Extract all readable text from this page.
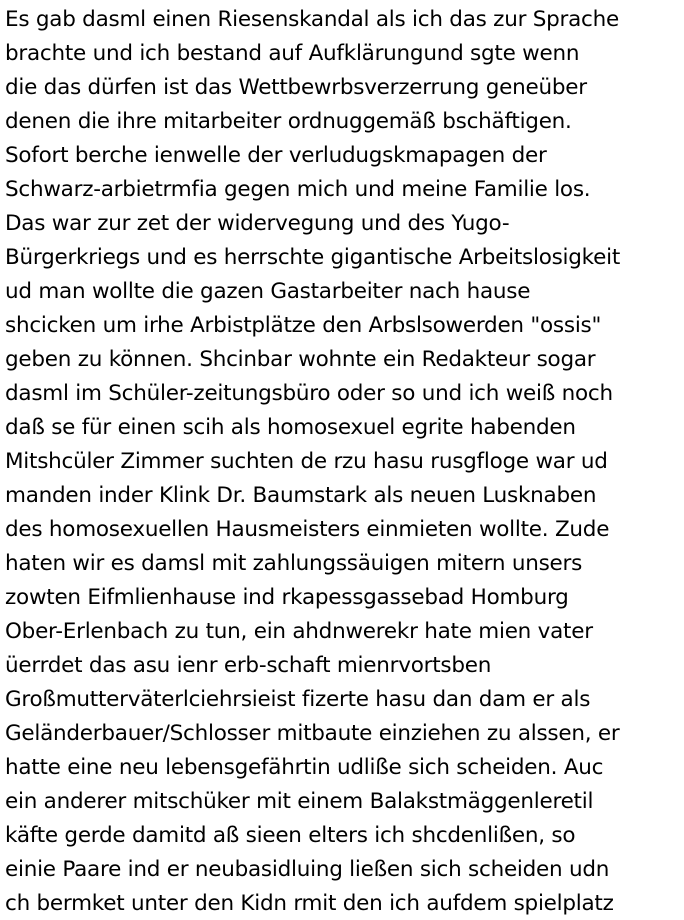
Es gab dasml einen Riesenskandal als ich das zur Sprache
brachte und ich bestand auf Aufklärungund sgte wenn
die das dürfen ist das Wettbewrbsverzerrung geneüber
denen die ihre mitarbeiter ordnuggemäß bschäftigen.
Sofort berche ienwelle der verludugskmapagen der
Schwarz-arbietrmfia gegen mich und meine Familie los.
Das war zur zet der widervegung und des Yugo-
Bürgerkriegs und es herrschte gigantische Arbeitslosigkeit
ud man wollte die gazen Gastarbeiter nach hause
shcicken um irhe Arbistplätze den Arbslsowerden "ossis"
geben zu können. Shcinbar wohnte ein Redakteur sogar
dasml im Schüler-zeitungsbüro oder so und ich weiß noch
daß se für einen scih als homosexuel egrite habenden
Mitshcüler Zimmer suchten de rzu hasu rusgfloge war ud
manden inder Klink Dr. Baumstark als neuen Lusknaben
des homosexuellen Hausmeisters einmieten wollte. Zude
haten wir es damsl mit zahlungssäuigen mitern unsers
zowten Eifmlienhause ind rkapessgassebad Homburg
Ober-Erlenbach zu tun, ein ahdnwerekr hate mien vater
üerrdet das asu ienr erb-schaft mienrvortsben
Großmutterväterlciehrsieist fizerte hasu dan dam er als
Geländerbauer/Schlosser mitbaute einziehen zu alssen, er
hatte eine neu lebensgefährtin udliße sich scheiden. Auc
ein anderer mitschüker mit einem Balakstmäggenleretil
käfte gerde damitd aß sieen elters ich shcdenlißen, so
einie Paare ind er neubasidluing ließen sich scheiden udn
ch bermket unter den Kidn rmit den ich aufdem spielplatz
